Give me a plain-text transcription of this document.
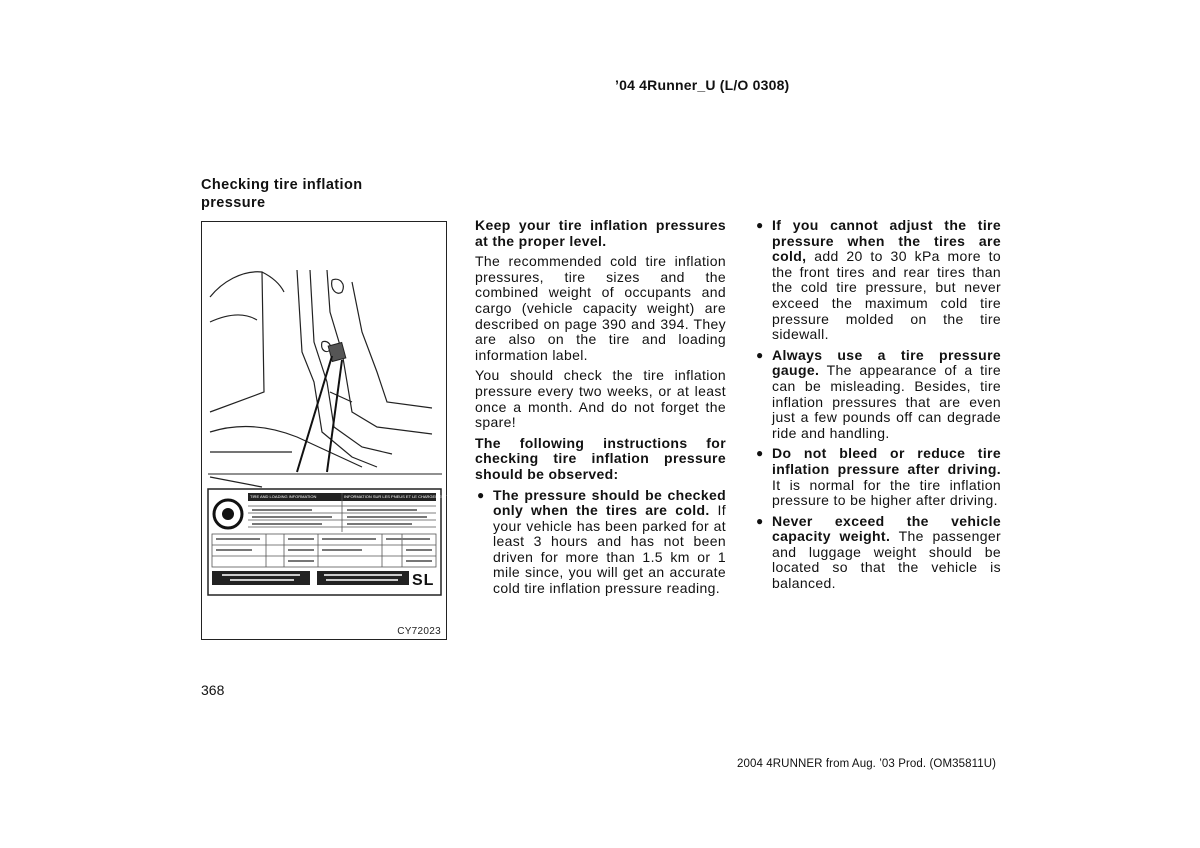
’04 4Runner_U (L/O 0308)
Checking tire inflation pressure
TIRE AND LOADING INFORMATION	INFORMATION SUR LES PNEUS ET LE CHARGEMENT
SL
CY72023

Keep your tire inflation pressures at the proper level.

The recommended cold tire inflation pressures, tire sizes and the combined weight of occupants and cargo (vehicle capacity weight) are described on page 390 and 394. They are also on the tire and loading information label.

You should check the tire inflation pressure every two weeks, or at least once a month. And do not forget the spare!

The following instructions for checking tire inflation pressure should be observed:

● The pressure should be checked only when the tires are cold. If your vehicle has been parked for at least 3 hours and has not been driven for more than 1.5 km or 1 mile since, you will get an accurate cold tire inflation pressure reading.
● If you cannot adjust the tire pressure when the tires are cold, add 20 to 30 kPa more to the front tires and rear tires than the cold tire pressure, but never exceed the maximum cold tire pressure molded on the tire sidewall.
● Always use a tire pressure gauge. The appearance of a tire can be misleading. Besides, tire inflation pressures that are even just a few pounds off can degrade ride and handling.
● Do not bleed or reduce tire inflation pressure after driving. It is normal for the tire inflation pressure to be higher after driving.
● Never exceed the vehicle capacity weight. The passenger and luggage weight should be located so that the vehicle is balanced.
368
2004 4RUNNER from Aug. ’03 Prod. (OM35811U)
